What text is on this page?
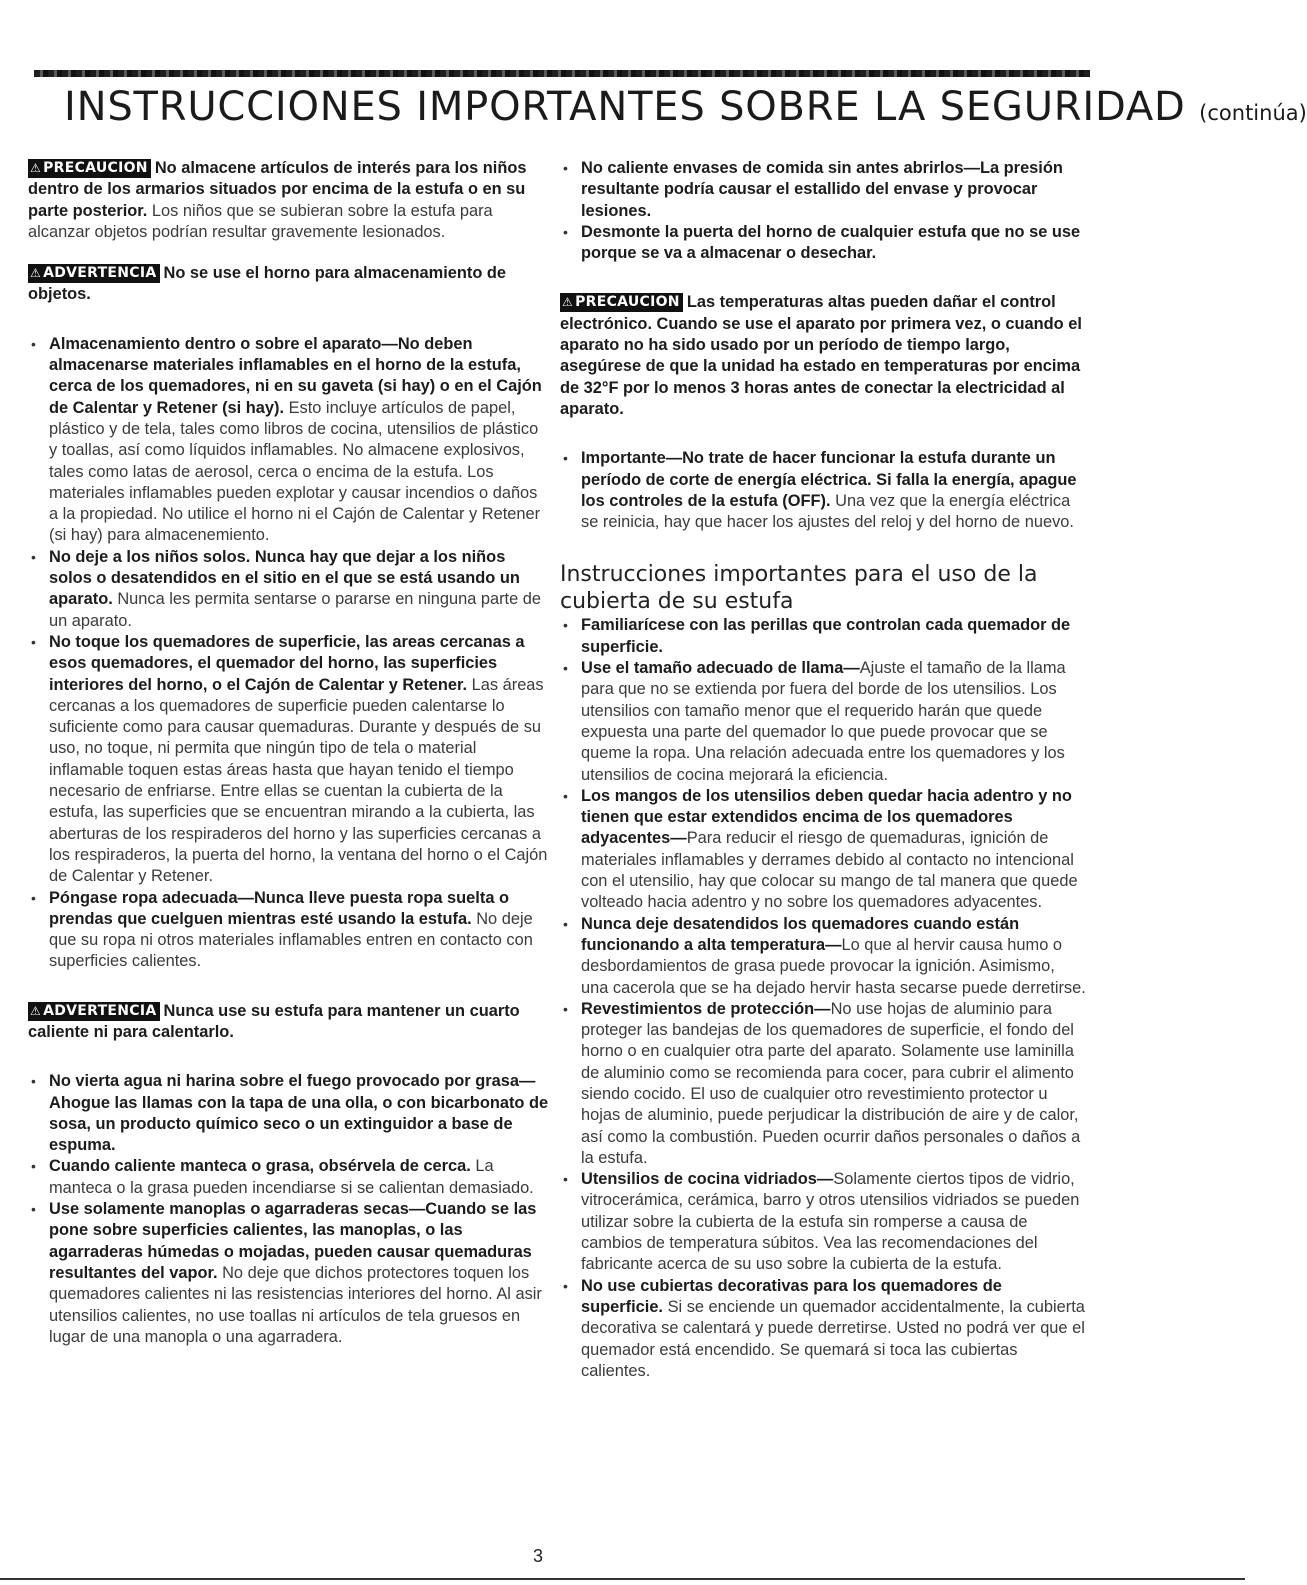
INSTRUCCIONES IMPORTANTES SOBRE LA SEGURIDAD (continúa)

⚠ PRECAUCION No almacene artículos de interés para los niños dentro de los armarios situados por encima de la estufa o en su parte posterior. Los niños que se subieran sobre la estufa para alcanzar objetos podrían resultar gravemente lesionados.

⚠ ADVERTENCIA No se use el horno para almacenamiento de objetos.

• Almacenamiento dentro o sobre el aparato—No deben almacenarse materiales inflamables en el horno de la estufa, cerca de los quemadores, ni en su gaveta (si hay) o en el Cajón de Calentar y Retener (si hay). Esto incluye artículos de papel, plástico y de tela, tales como libros de cocina, utensilios de plástico y toallas, así como líquidos inflamables. No almacene explosivos, tales como latas de aerosol, cerca o encima de la estufa. Los materiales inflamables pueden explotar y causar incendios o daños a la propiedad. No utilice el horno ni el Cajón de Calentar y Retener (si hay) para almacenemiento.
• No deje a los niños solos. Nunca hay que dejar a los niños solos o desatendidos en el sitio en el que se está usando un aparato. Nunca les permita sentarse o pararse en ninguna parte de un aparato.
• No toque los quemadores de superficie, las areas cercanas a esos quemadores, el quemador del horno, las superficies interiores del horno, o el Cajón de Calentar y Retener. Las áreas cercanas a los quemadores de superficie pueden calentarse lo suficiente como para causar quemaduras. Durante y después de su uso, no toque, ni permita que ningún tipo de tela o material inflamable toquen estas áreas hasta que hayan tenido el tiempo necesario de enfriarse. Entre ellas se cuentan la cubierta de la estufa, las superficies que se encuentran mirando a la cubierta, las aberturas de los respiraderos del horno y las superficies cercanas a los respiraderos, la puerta del horno, la ventana del horno o el Cajón de Calentar y Retener.
• Póngase ropa adecuada—Nunca lleve puesta ropa suelta o prendas que cuelguen mientras esté usando la estufa. No deje que su ropa ni otros materiales inflamables entren en contacto con superficies calientes.

⚠ ADVERTENCIA Nunca use su estufa para mantener un cuarto caliente ni para calentarlo.

• No vierta agua ni harina sobre el fuego provocado por grasa— Ahogue las llamas con la tapa de una olla, o con bicarbonato de sosa, un producto químico seco o un extinguidor a base de espuma.
• Cuando caliente manteca o grasa, obsérvela de cerca. La manteca o la grasa pueden incendiarse si se calientan demasiado.
• Use solamente manoplas o agarraderas secas—Cuando se las pone sobre superficies calientes, las manoplas, o las agarraderas húmedas o mojadas, pueden causar quemaduras resultantes del vapor. No deje que dichos protectores toquen los quemadores calientes ni las resistencias interiores del horno. Al asir utensilios calientes, no use toallas ni artículos de tela gruesos en lugar de una manopla o una agarradera.
• No caliente envases de comida sin antes abrirlos—La presión resultante podría causar el estallido del envase y provocar lesiones.
• Desmonte la puerta del horno de cualquier estufa que no se use porque se va a almacenar o desechar.

⚠ PRECAUCION Las temperaturas altas pueden dañar el control electrónico. Cuando se use el aparato por primera vez, o cuando el aparato no ha sido usado por un período de tiempo largo, asegúrese de que la unidad ha estado en temperaturas por encima de 32°F por lo menos 3 horas antes de conectar la electricidad al aparato.

• Importante—No trate de hacer funcionar la estufa durante un período de corte de energía eléctrica. Si falla la energía, apague los controles de la estufa (OFF). Una vez que la energía eléctrica se reinicia, hay que hacer los ajustes del reloj y del horno de nuevo.

Instrucciones importantes para el uso de la cubierta de su estufa

• Familiarícese con las perillas que controlan cada quemador de superficie.
• Use el tamaño adecuado de llama—Ajuste el tamaño de la llama para que no se extienda por fuera del borde de los utensilios. Los utensilios con tamaño menor que el requerido harán que quede expuesta una parte del quemador lo que puede provocar que se queme la ropa. Una relación adecuada entre los quemadores y los utensilios de cocina mejorará la eficiencia.
• Los mangos de los utensilios deben quedar hacia adentro y no tienen que estar extendidos encima de los quemadores adyacentes—Para reducir el riesgo de quemaduras, ignición de materiales inflamables y derrames debido al contacto no intencional con el utensilio, hay que colocar su mango de tal manera que quede volteado hacia adentro y no sobre los quemadores adyacentes.
• Nunca deje desatendidos los quemadores cuando están funcionando a alta temperatura—Lo que al hervir causa humo o desbordamientos de grasa puede provocar la ignición. Asimismo, una cacerola que se ha dejado hervir hasta secarse puede derretirse.
• Revestimientos de protección—No use hojas de aluminio para proteger las bandejas de los quemadores de superficie, el fondo del horno o en cualquier otra parte del aparato. Solamente use laminilla de aluminio como se recomienda para cocer, para cubrir el alimento siendo cocido. El uso de cualquier otro revestimiento protector u hojas de aluminio, puede perjudicar la distribución de aire y de calor, así como la combustión. Pueden ocurrir daños personales o daños a la estufa.
• Utensilios de cocina vidriados—Solamente ciertos tipos de vidrio, vitrocerámica, cerámica, barro y otros utensilios vidriados se pueden utilizar sobre la cubierta de la estufa sin romperse a causa de cambios de temperatura súbitos. Vea las recomendaciones del fabricante acerca de su uso sobre la cubierta de la estufa.
• No use cubiertas decorativas para los quemadores de superficie. Si se enciende un quemador accidentalmente, la cubierta decorativa se calentará y puede derretirse. Usted no podrá ver que el quemador está encendido. Se quemará si toca las cubiertas calientes.
3
